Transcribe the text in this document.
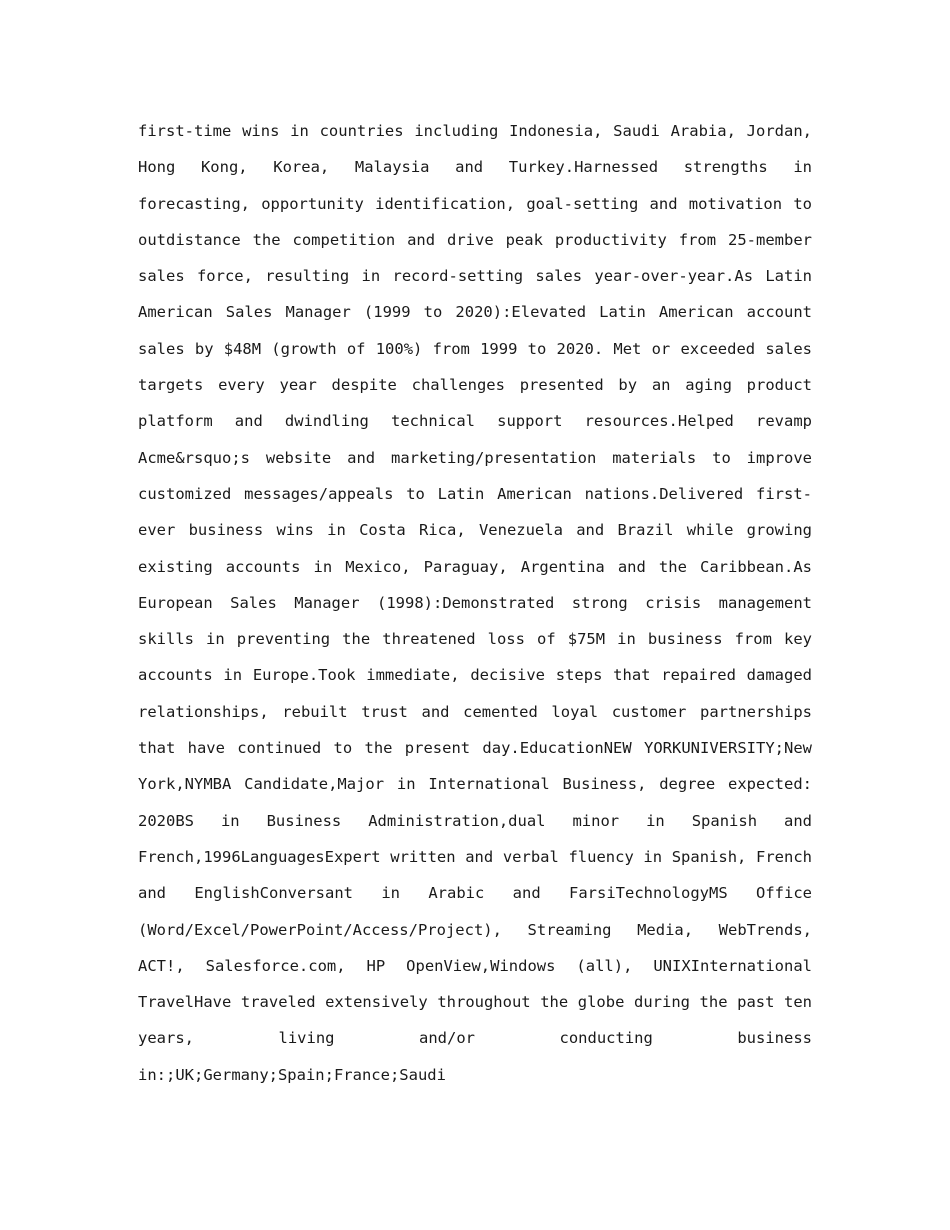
first-time wins in countries including Indonesia, Saudi Arabia, Jordan,
Hong Kong, Korea, Malaysia and Turkey.Harnessed strengths in
forecasting, opportunity identification, goal-setting and motivation to
outdistance the competition and drive peak productivity from 25-member
sales force, resulting in record-setting sales year-over-year.As Latin
American Sales Manager (1999 to 2020):Elevated Latin American account
sales by $48M (growth of 100%) from 1999 to 2020. Met or exceeded sales
targets every year despite challenges presented by an aging product
platform and dwindling technical support resources.Helped revamp
Acme&rsquo;s website and marketing/presentation materials to improve
customized messages/appeals to Latin American nations.Delivered first-
ever business wins in Costa Rica, Venezuela and Brazil while growing
existing accounts in Mexico, Paraguay, Argentina and the Caribbean.As
European Sales Manager (1998):Demonstrated strong crisis management
skills in preventing the threatened loss of $75M in business from key
accounts in Europe.Took immediate, decisive steps that repaired damaged
relationships, rebuilt trust and cemented loyal customer partnerships
that have continued to the present day.EducationNEW YORKUNIVERSITY;New
York,NYMBA Candidate,Major in International Business, degree expected:
2020BS in Business Administration,dual minor in Spanish and
French,1996LanguagesExpert written and verbal fluency in Spanish, French
and EnglishConversant in Arabic and FarsiTechnologyMS Office
(Word/Excel/PowerPoint/Access/Project), Streaming Media, WebTrends,
ACT!, Salesforce.com, HP OpenView,Windows (all), UNIXInternational
TravelHave traveled extensively throughout the globe during the past ten
years, living and/or conducting business
in:;UK;Germany;Spain;France;Saudi
